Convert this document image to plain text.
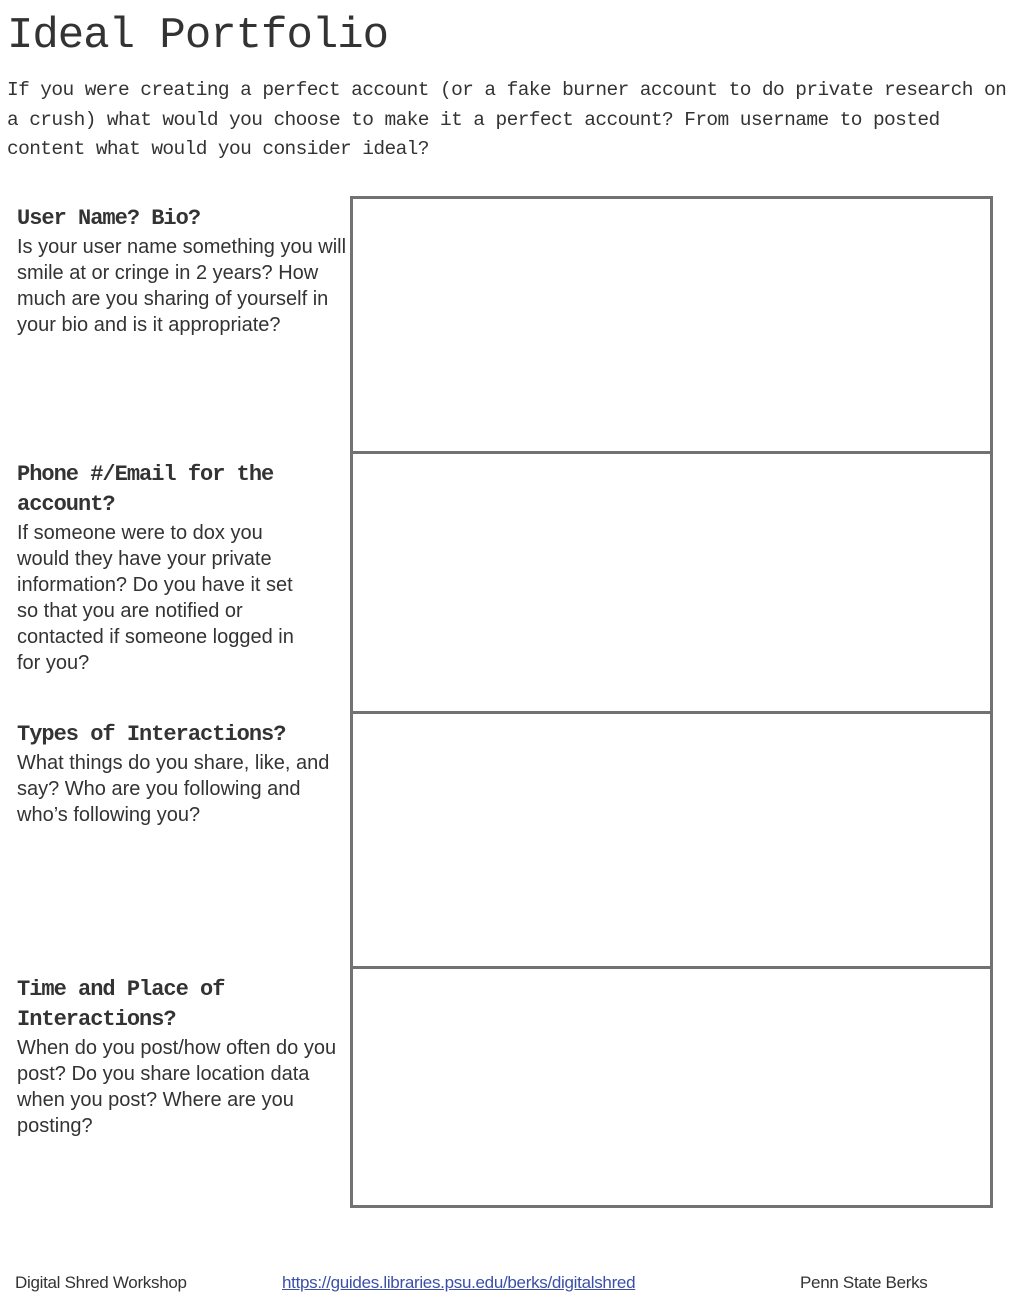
Ideal Portfolio

If you were creating a perfect account (or a fake burner account to do private research on a crush) what would you choose to make it a perfect account? From username to posted content what would you consider ideal?

User Name? Bio?

Is your user name something you will smile at or cringe in 2 years? How much are you sharing of yourself in your bio and is it appropriate?

Phone #/Email for the account?

If someone were to dox you would they have your private information? Do you have it set so that you are notified or contacted if someone logged in for you?

Types of Interactions?

What things do you share, like, and say? Who are you following and who’s following you?

Time and Place of Interactions?

When do you post/how often do you post? Do you share location data when you post? Where are you posting?

Digital Shred Workshop	https://guides.libraries.psu.edu/berks/digitalshred	Penn State Berks
